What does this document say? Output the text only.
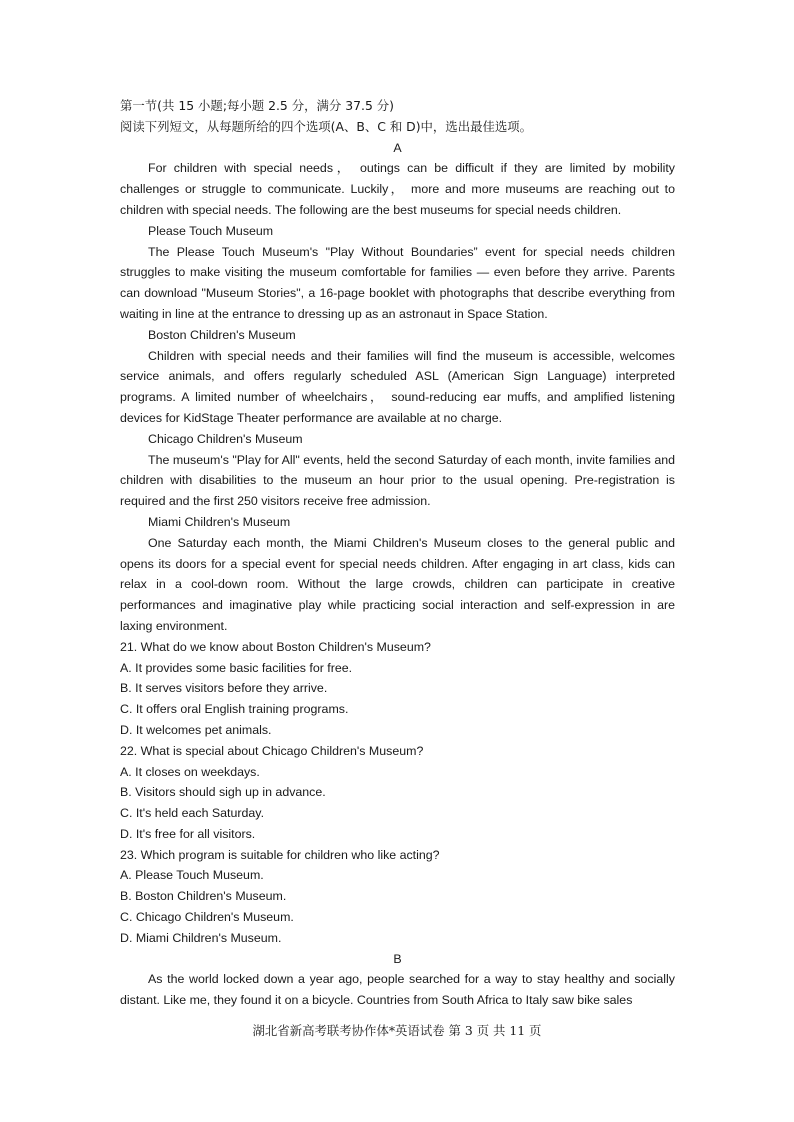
第一节(共 15 小题;每小题 2.5 分，满分 37.5 分)
阅读下列短文，从每题所给的四个选项(A、B、C 和 D)中，选出最佳选项。
A

For children with special needs， outings can be difficult if they are limited by mobility challenges or struggle to communicate. Luckily， more and more museums are reaching out to children with special needs. The following are the best museums for special needs children.

Please Touch Museum

The Please Touch Museum's "Play Without Boundaries” event for special needs children struggles to make visiting the museum comfortable for families — even before they arrive. Parents can download "Museum Stories", a 16-page booklet with photographs that describe everything from waiting in line at the entrance to dressing up as an astronaut in Space Station.

Boston Children's Museum

Children with special needs and their families will find the museum is accessible, welcomes service animals, and offers regularly scheduled ASL (American Sign Language) interpreted programs. A limited number of wheelchairs， sound-reducing ear muffs, and amplified listening devices for KidStage Theater performance are available at no charge.

Chicago Children's Museum

The museum's "Play for All" events, held the second Saturday of each month, invite families and children with disabilities to the museum an hour prior to the usual opening. Pre-registration is required and the first 250 visitors receive free admission.

Miami Children's Museum

One Saturday each month, the Miami Children's Museum closes to the general public and opens its doors for a special event for special needs children. After engaging in art class, kids can relax in a cool-down room. Without the large crowds, children can participate in creative performances and imaginative play while practicing social interaction and self-expression in are laxing environment.

21. What do we know about Boston Children's Museum?
A. It provides some basic facilities for free.
B. It serves visitors before they arrive.
C. It offers oral English training programs.
D. It welcomes pet animals.
22. What is special about Chicago Children's Museum?
A. It closes on weekdays.
B. Visitors should sigh up in advance.
C. It's held each Saturday.
D. It's free for all visitors.
23. Which program is suitable for children who like acting?
A. Please Touch Museum.
B. Boston Children's Museum.
C. Chicago Children's Museum.
D. Miami Children's Museum.
B

As the world locked down a year ago, people searched for a way to stay healthy and socially distant. Like me, they found it on a bicycle. Countries from South Africa to Italy saw bike sales

湖北省新高考联考协作体*英语试卷 第 3 页 共 11 页
